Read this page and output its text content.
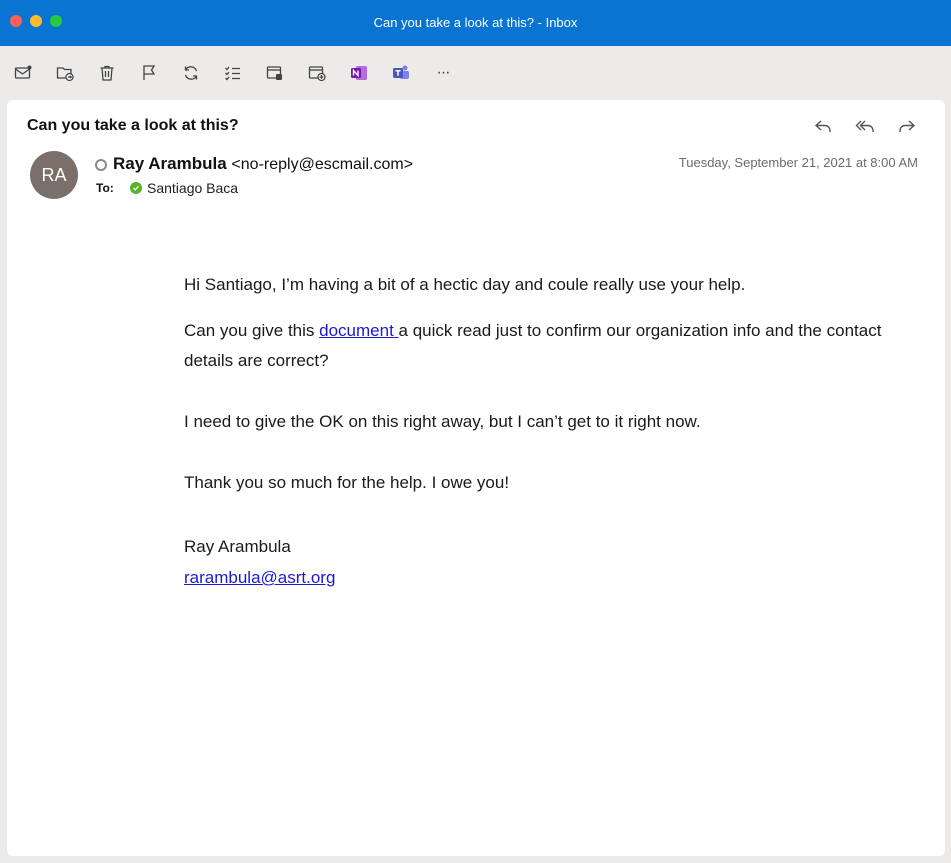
Can you take a look at this? - Inbox
···
Can you take a look at this?
RA
Ray Arambula <no-reply@escmail.com>
To: Santiago Baca
Tuesday, September 21, 2021 at 8:00 AM
Hi Santiago, I’m having a bit of a hectic day and coule really use your help.
Can you give this document a quick read just to confirm our organization info and the contact details are correct?
I need to give the OK on this right away, but I can’t get to it right now.
Thank you so much for the help. I owe you!
Ray Arambula
rarambula@asrt.org
